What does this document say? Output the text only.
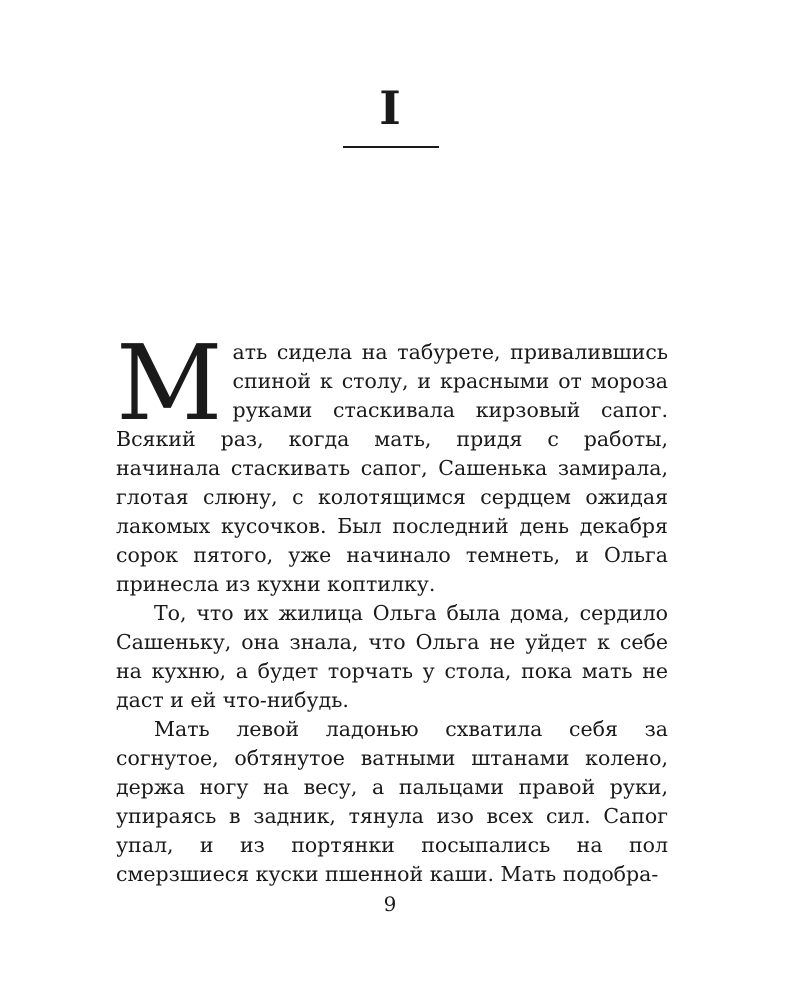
I

Мать сидела на табурете, привалившись спиной к столу, и красными от мороза руками стаскивала кирзовый сапог. Всякий раз, когда мать, придя с работы, начинала стаскивать сапог, Сашенька замирала, глотая слюну, с колотящимся сердцем ожидая лакомых кусочков. Был последний день декабря сорок пятого, уже начинало темнеть, и Ольга принесла из кухни коптилку.

То, что их жилица Ольга была дома, сердило Сашеньку, она знала, что Ольга не уйдет к себе на кухню, а будет торчать у стола, пока мать не даст и ей что-нибудь.

Мать левой ладонью схватила себя за согнутое, обтянутое ватными штанами колено, держа ногу на весу, а пальцами правой руки, упираясь в задник, тянула изо всех сил. Сапог упал, и из портянки посыпались на пол смерзшиеся куски пшенной каши. Мать подобра-

9
